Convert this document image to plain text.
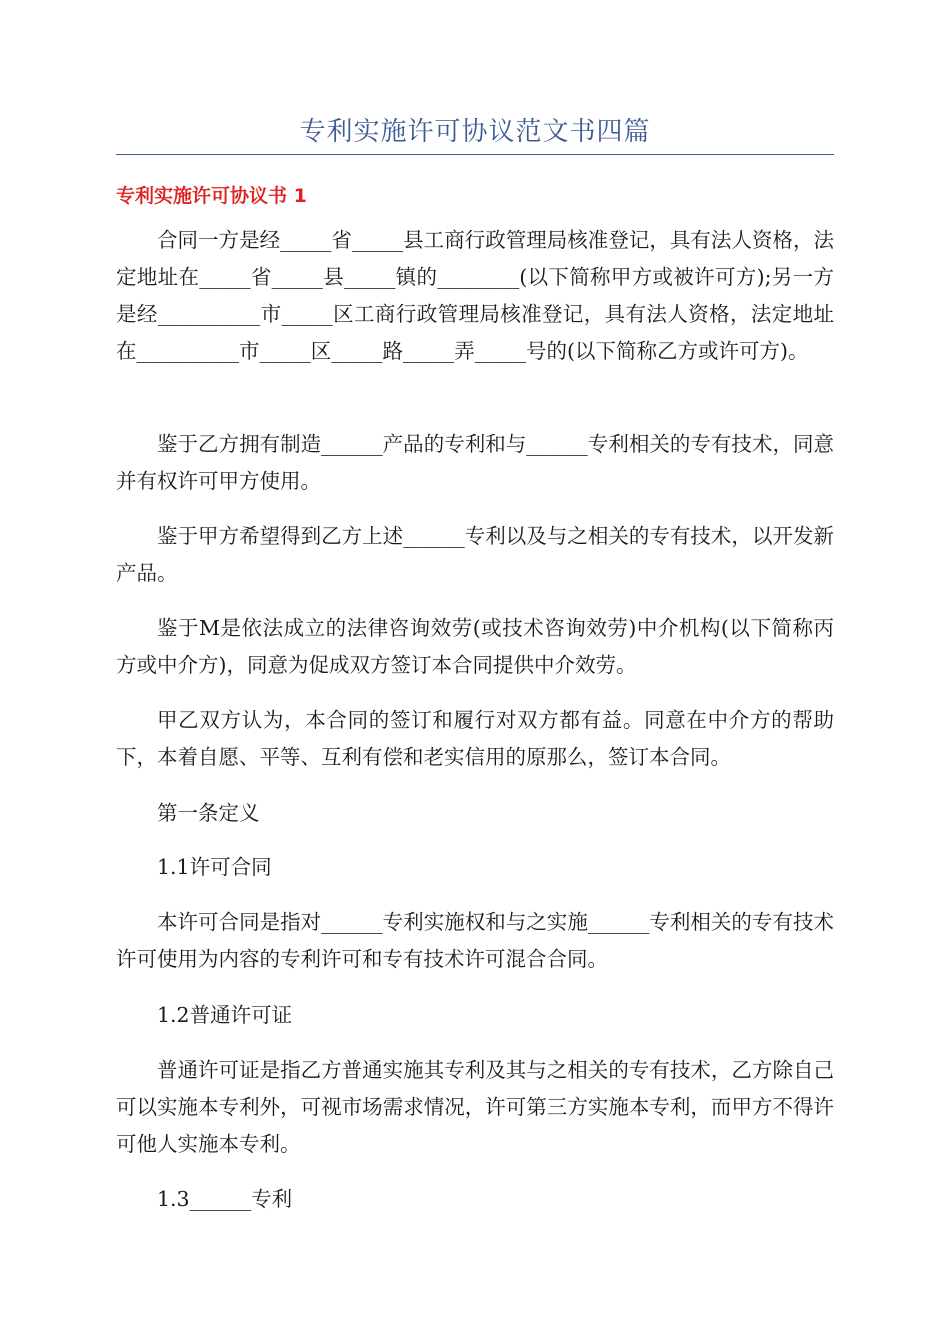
专利实施许可协议范文书四篇
专利实施许可协议书 1

合同一方是经_____省_____县工商行政管理局核准登记，具有法人资格，法定地址在_____省_____县_____镇的________(以下简称甲方或被许可方);另一方是经__________市_____区工商行政管理局核准登记，具有法人资格，法定地址在__________市_____区_____路_____弄_____号的(以下简称乙方或许可方)。

鉴于乙方拥有制造______产品的专利和与______专利相关的专有技术，同意并有权许可甲方使用。

鉴于甲方希望得到乙方上述______专利以及与之相关的专有技术，以开发新产品。

鉴于M是依法成立的法律咨询效劳(或技术咨询效劳)中介机构(以下简称丙方或中介方)，同意为促成双方签订本合同提供中介效劳。

甲乙双方认为，本合同的签订和履行对双方都有益。同意在中介方的帮助下，本着自愿、平等、互利有偿和老实信用的原那么，签订本合同。

第一条定义

1.1许可合同

本许可合同是指对______专利实施权和与之实施______专利相关的专有技术许可使用为内容的专利许可和专有技术许可混合合同。

1.2普通许可证

普通许可证是指乙方普通实施其专利及其与之相关的专有技术，乙方除自己可以实施本专利外，可视市场需求情况，许可第三方实施本专利，而甲方不得许可他人实施本专利。

1.3______专利
